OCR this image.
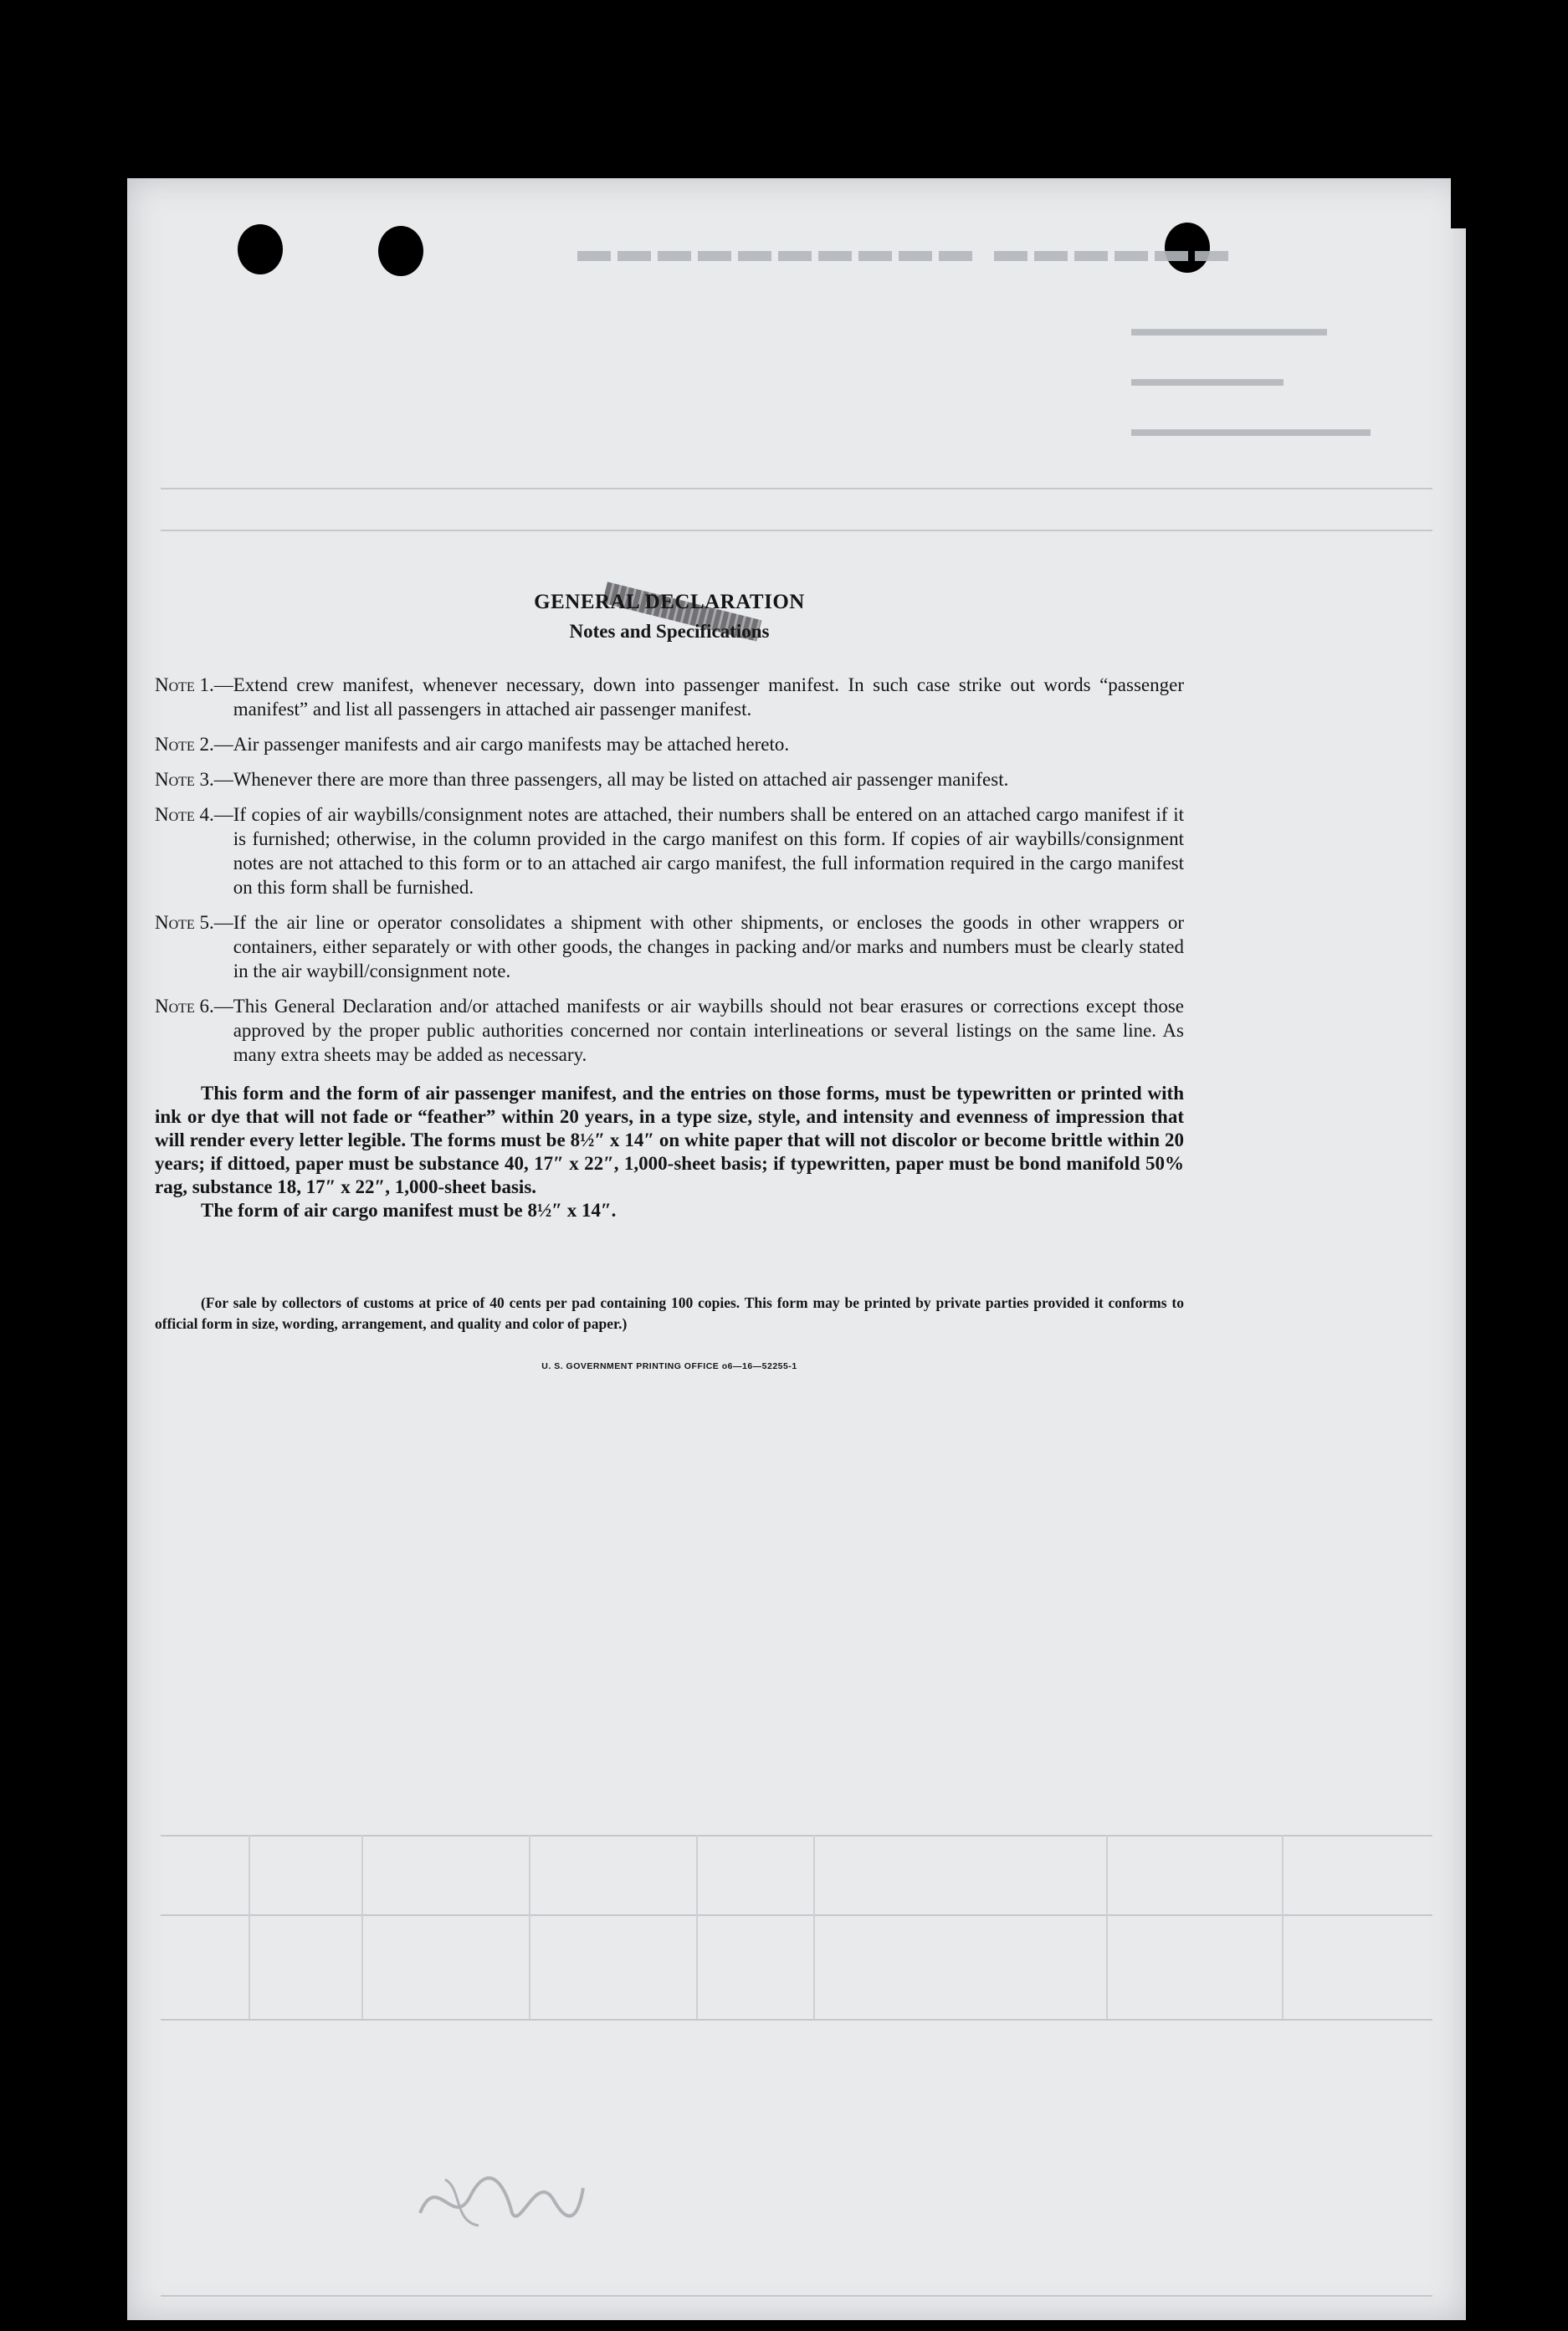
▬▬▬▬▬▬ ▬▬▬▬▬▬▬▬▬▬
▬▬▬▬▬▬▬▬▬
▬▬▬▬▬▬▬
▬▬▬▬▬▬▬▬▬▬▬
GENERAL DECLARATION
Notes and Specifications
Note 1.— Extend crew manifest, whenever necessary, down into passenger manifest. In such case strike out words “passenger manifest” and list all passengers in attached air passenger manifest.
Note 2.— Air passenger manifests and air cargo manifests may be attached hereto.
Note 3.— Whenever there are more than three passengers, all may be listed on attached air passenger manifest.
Note 4.— If copies of air waybills/consignment notes are attached, their numbers shall be entered on an attached cargo manifest if it is furnished; otherwise, in the column provided in the cargo manifest on this form. If copies of air waybills/consignment notes are not attached to this form or to an attached air cargo manifest, the full information required in the cargo manifest on this form shall be furnished.
Note 5.— If the air line or operator consolidates a shipment with other shipments, or encloses the goods in other wrappers or containers, either separately or with other goods, the changes in packing and/or marks and numbers must be clearly stated in the air waybill/consignment note.
Note 6.— This General Declaration and/or attached manifests or air waybills should not bear erasures or corrections except those approved by the proper public authorities concerned nor contain interlineations or several listings on the same line. As many extra sheets may be added as necessary.

This form and the form of air passenger manifest, and the entries on those forms, must be typewritten or printed with ink or dye that will not fade or “feather” within 20 years, in a type size, style, and intensity and evenness of impression that will render every letter legible. The forms must be 8½″ x 14″ on white paper that will not discolor or become brittle within 20 years; if dittoed, paper must be substance 40, 17″ x 22″, 1,000-sheet basis; if typewritten, paper must be bond manifold 50% rag, substance 18, 17″ x 22″, 1,000-sheet basis.

The form of air cargo manifest must be 8½″ x 14″.

(For sale by collectors of customs at price of 40 cents per pad containing 100 copies. This form may be printed by private parties provided it conforms to official form in size, wording, arrangement, and quality and color of paper.)

U. S. GOVERNMENT PRINTING OFFICE o6—16—52255-1
